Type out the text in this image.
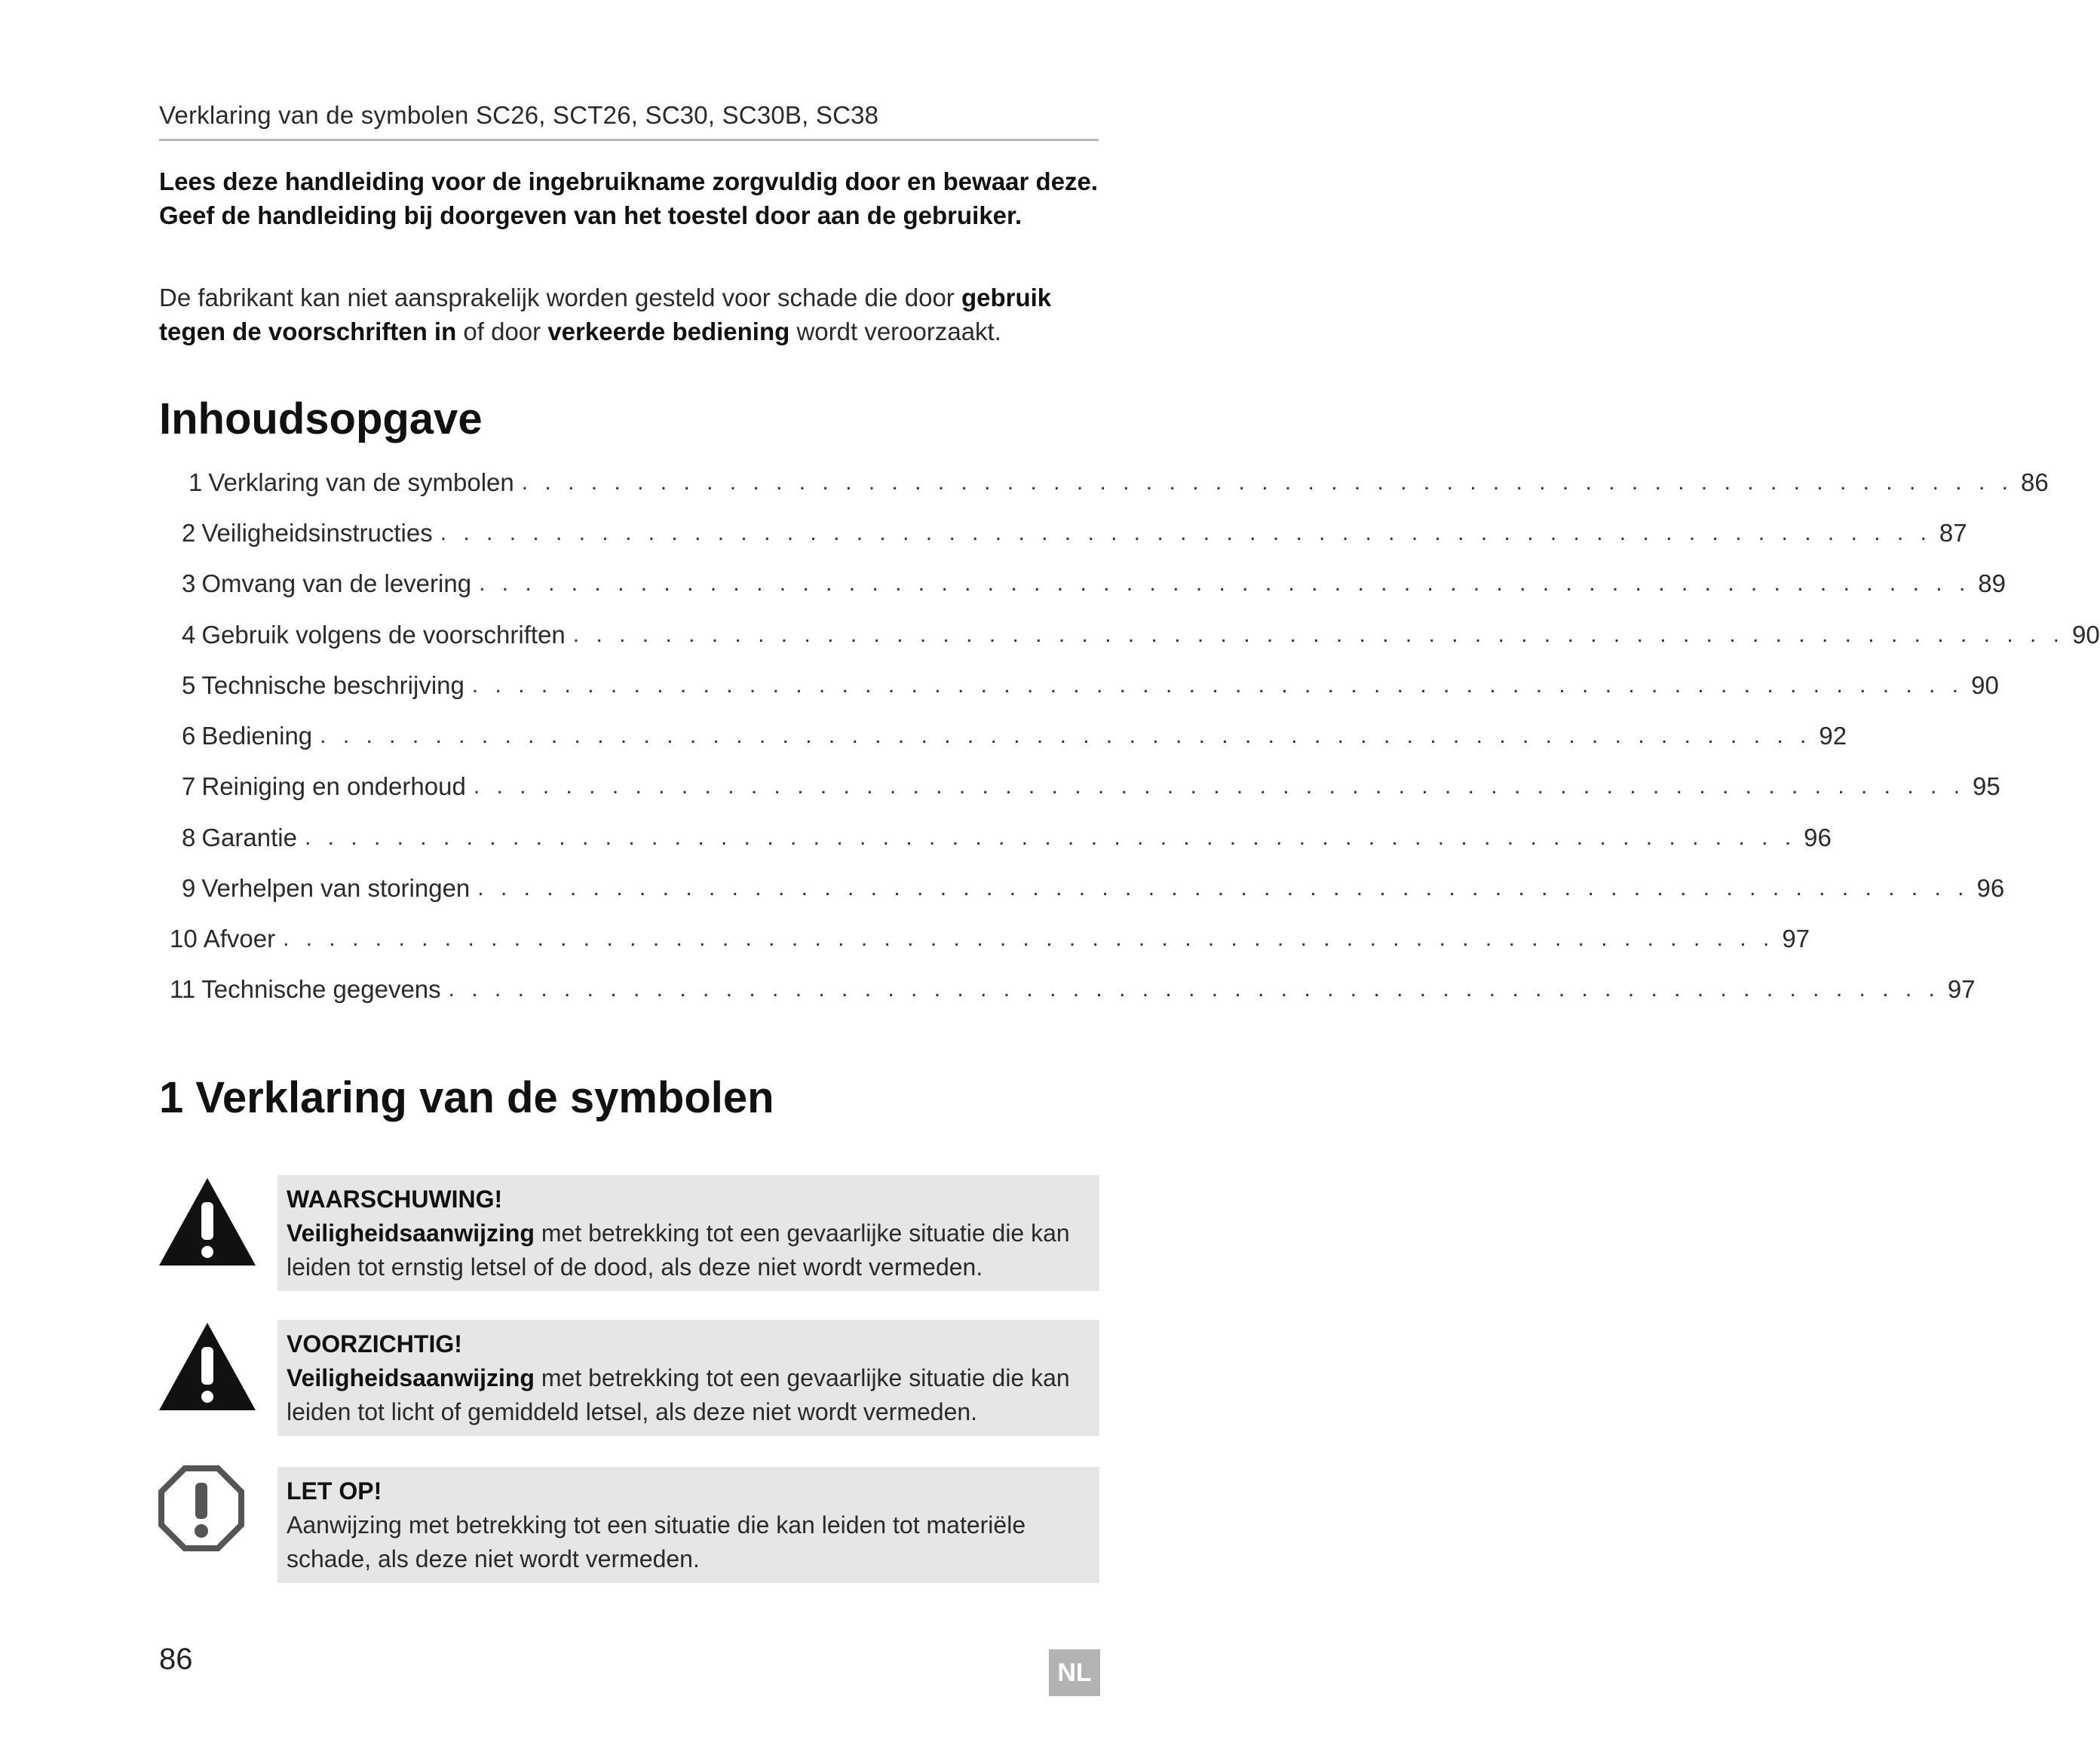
Verklaring van de symbolen SC26, SCT26, SC30, SC30B, SC38
Lees deze handleiding voor de ingebruikname zorgvuldig door en bewaar deze. Geef de handleiding bij doorgeven van het toestel door aan de gebruiker.
De fabrikant kan niet aansprakelijk worden gesteld voor schade die door gebruik tegen de voorschriften in of door verkeerde bediening wordt veroorzaakt.
Inhoudsopgave
1 Verklaring van de symbolen . . . . . . . . . . . . . . . . . . . . . . . . . . . . . . . . . . . . . . . . . . . . . . . . . . . . . . . . . . . . . . . . . 86
2 Veiligheidsinstructies . . . . . . . . . . . . . . . . . . . . . . . . . . . . . . . . . . . . . . . . . . . . . . . . . . . . . . . . . . . . . . . . . 87
3 Omvang van de levering . . . . . . . . . . . . . . . . . . . . . . . . . . . . . . . . . . . . . . . . . . . . . . . . . . . . . . . . . . . . . . . . . 89
4 Gebruik volgens de voorschriften . . . . . . . . . . . . . . . . . . . . . . . . . . . . . . . . . . . . . . . . . . . . . . . . . . . . . . . . . . . . . . . . . 90
5 Technische beschrijving . . . . . . . . . . . . . . . . . . . . . . . . . . . . . . . . . . . . . . . . . . . . . . . . . . . . . . . . . . . . . . . . . 90
6 Bediening . . . . . . . . . . . . . . . . . . . . . . . . . . . . . . . . . . . . . . . . . . . . . . . . . . . . . . . . . . . . . . . . . 92
7 Reiniging en onderhoud . . . . . . . . . . . . . . . . . . . . . . . . . . . . . . . . . . . . . . . . . . . . . . . . . . . . . . . . . . . . . . . . . 95
8 Garantie . . . . . . . . . . . . . . . . . . . . . . . . . . . . . . . . . . . . . . . . . . . . . . . . . . . . . . . . . . . . . . . . . 96
9 Verhelpen van storingen . . . . . . . . . . . . . . . . . . . . . . . . . . . . . . . . . . . . . . . . . . . . . . . . . . . . . . . . . . . . . . . . . 96
10 Afvoer . . . . . . . . . . . . . . . . . . . . . . . . . . . . . . . . . . . . . . . . . . . . . . . . . . . . . . . . . . . . . . . . . 97
11 Technische gegevens . . . . . . . . . . . . . . . . . . . . . . . . . . . . . . . . . . . . . . . . . . . . . . . . . . . . . . . . . . . . . . . . . 97
1 Verklaring van de symbolen
WAARSCHUWING!
Veiligheidsaanwijzing met betrekking tot een gevaarlijke situatie die kan leiden tot ernstig letsel of de dood, als deze niet wordt vermeden.
VOORZICHTIG!
Veiligheidsaanwijzing met betrekking tot een gevaarlijke situatie die kan leiden tot licht of gemiddeld letsel, als deze niet wordt vermeden.
LET OP!
Aanwijzing met betrekking tot een situatie die kan leiden tot materiële schade, als deze niet wordt vermeden.
86	NL
